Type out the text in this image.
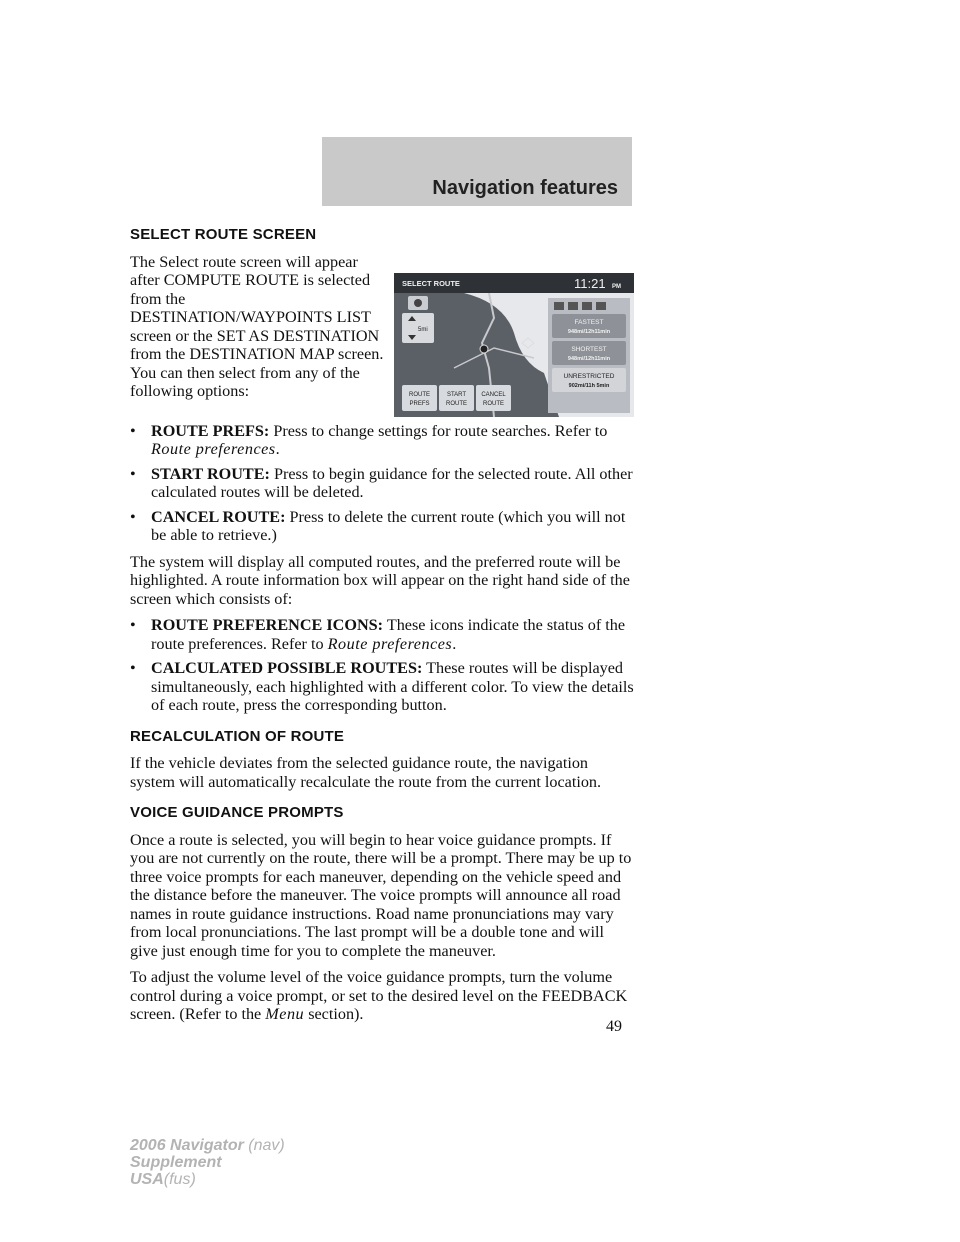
Navigation features
SELECT ROUTE SCREEN

The Select route screen will appear after COMPUTE ROUTE is selected from the DESTINATION/WAYPOINTS LIST screen or the SET AS DESTINATION from the DESTINATION MAP screen. You can then select from any of the following options:

SELECT ROUTE	11:21 PM
5mi
ROUTE
PREFS
START
ROUTE
CANCEL
ROUTE
FASTEST
948mi/12h11min
SHORTEST
948mi/12h11min
UNRESTRICTED
902mi/11h 5min
• ROUTE PREFS: Press to change settings for route searches. Refer to Route preferences.
• START ROUTE: Press to begin guidance for the selected route. All other calculated routes will be deleted.
• CANCEL ROUTE: Press to delete the current route (which you will not be able to retrieve.)

The system will display all computed routes, and the preferred route will be highlighted. A route information box will appear on the right hand side of the screen which consists of:

• ROUTE PREFERENCE ICONS: These icons indicate the status of the route preferences. Refer to Route preferences.
• CALCULATED POSSIBLE ROUTES: These routes will be displayed simultaneously, each highlighted with a different color. To view the details of each route, press the corresponding button.
RECALCULATION OF ROUTE

If the vehicle deviates from the selected guidance route, the navigation system will automatically recalculate the route from the current location.

VOICE GUIDANCE PROMPTS

Once a route is selected, you will begin to hear voice guidance prompts. If you are not currently on the route, there will be a prompt. There may be up to three voice prompts for each maneuver, depending on the vehicle speed and the distance before the maneuver. The voice prompts will announce all road names in route guidance instructions. Road name pronunciations may vary from local pronunciations. The last prompt will be a double tone and will give just enough time for you to complete the maneuver.

To adjust the volume level of the voice guidance prompts, turn the volume control during a voice prompt, or set to the desired level on the FEEDBACK screen. (Refer to the Menu section).

49
2006 Navigator (nav)
Supplement
USA(fus)
